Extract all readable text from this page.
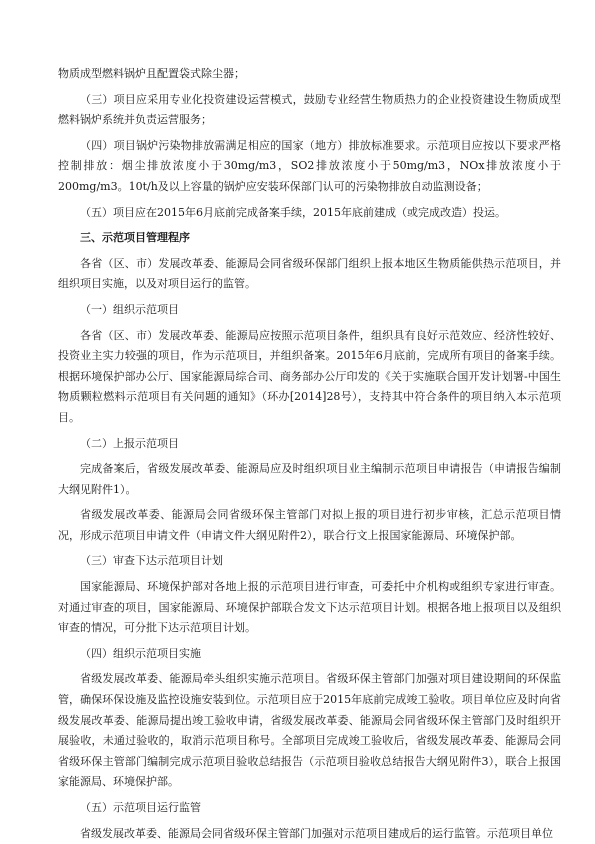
物质成型燃料锅炉且配置袋式除尘器；
（三）项目应采用专业化投资建设运营模式，鼓励专业经营生物质热力的企业投资建设生物质成型燃料锅炉系统并负责运营服务；
（四）项目锅炉污染物排放需满足相应的国家（地方）排放标准要求。示范项目应按以下要求严格控制排放：烟尘排放浓度小于30mg/m3，SO2排放浓度小于50mg/m3，NOx排放浓度小于200mg/m3。10t/h及以上容量的锅炉应安装环保部门认可的污染物排放自动监测设备；
（五）项目应在2015年6月底前完成备案手续，2015年底前建成（或完成改造）投运。
三、示范项目管理程序
各省（区、市）发展改革委、能源局会同省级环保部门组织上报本地区生物质能供热示范项目，并组织项目实施，以及对项目运行的监管。
（一）组织示范项目
各省（区、市）发展改革委、能源局应按照示范项目条件，组织具有良好示范效应、经济性较好、投资业主实力较强的项目，作为示范项目，并组织备案。2015年6月底前，完成所有项目的备案手续。根据环境保护部办公厅、国家能源局综合司、商务部办公厅印发的《关于实施联合国开发计划署-中国生物质颗粒燃料示范项目有关问题的通知》（环办[2014]28号），支持其中符合条件的项目纳入本示范项目。
（二）上报示范项目
完成备案后，省级发展改革委、能源局应及时组织项目业主编制示范项目申请报告（申请报告编制大纲见附件1）。
省级发展改革委、能源局会同省级环保主管部门对拟上报的项目进行初步审核，汇总示范项目情况，形成示范项目申请文件（申请文件大纲见附件2），联合行文上报国家能源局、环境保护部。
（三）审查下达示范项目计划
国家能源局、环境保护部对各地上报的示范项目进行审查，可委托中介机构或组织专家进行审查。对通过审查的项目，国家能源局、环境保护部联合发文下达示范项目计划。根据各地上报项目以及组织审查的情况，可分批下达示范项目计划。
（四）组织示范项目实施
省级发展改革委、能源局牵头组织实施示范项目。省级环保主管部门加强对项目建设期间的环保监管，确保环保设施及监控设施安装到位。示范项目应于2015年底前完成竣工验收。项目单位应及时向省级发展改革委、能源局提出竣工验收申请，省级发展改革委、能源局会同省级环保主管部门及时组织开展验收，未通过验收的，取消示范项目称号。全部项目完成竣工验收后，省级发展改革委、能源局会同省级环保主管部门编制完成示范项目验收总结报告（示范项目验收总结报告大纲见附件3），联合上报国家能源局、环境保护部。
（五）示范项目运行监管
省级发展改革委、能源局会同省级环保主管部门加强对示范项目建成后的运行监管。示范项目单位
